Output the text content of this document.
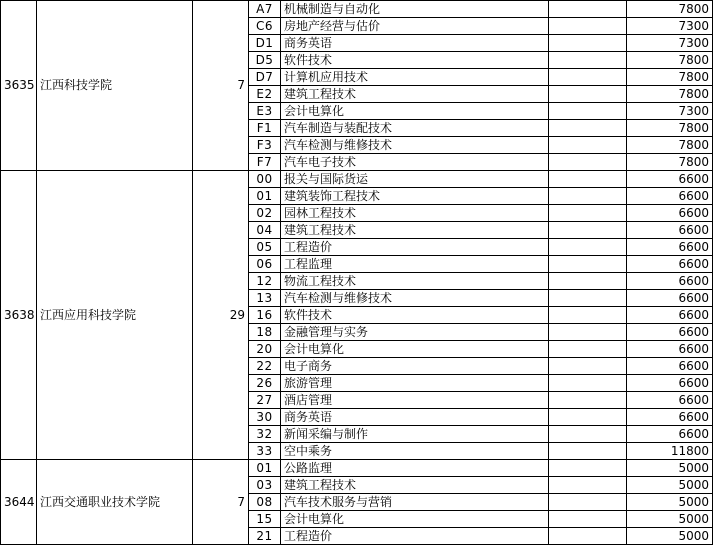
3635	江西科技学院	7	A7	机械制造与自动化		7800
			C6	房地产经营与估价		7300
			D1	商务英语		7300
			D5	软件技术		7800
			D7	计算机应用技术		7800
			E2	建筑工程技术		7800
			E3	会计电算化		7300
			F1	汽车制造与装配技术		7800
			F3	汽车检测与维修技术		7800
			F7	汽车电子技术		7800
3638	江西应用科技学院	29	00	报关与国际货运		6600
			01	建筑装饰工程技术		6600
			02	园林工程技术		6600
			04	建筑工程技术		6600
			05	工程造价		6600
			06	工程监理		6600
			12	物流工程技术		6600
			13	汽车检测与维修技术		6600
			16	软件技术		6600
			18	金融管理与实务		6600
			20	会计电算化		6600
			22	电子商务		6600
			26	旅游管理		6600
			27	酒店管理		6600
			30	商务英语		6600
			32	新闻采编与制作		6600
			33	空中乘务		11800
3644	江西交通职业技术学院	7	01	公路监理		5000
			03	建筑工程技术		5000
			08	汽车技术服务与营销		5000
			15	会计电算化		5000
			21	工程造价		5000
